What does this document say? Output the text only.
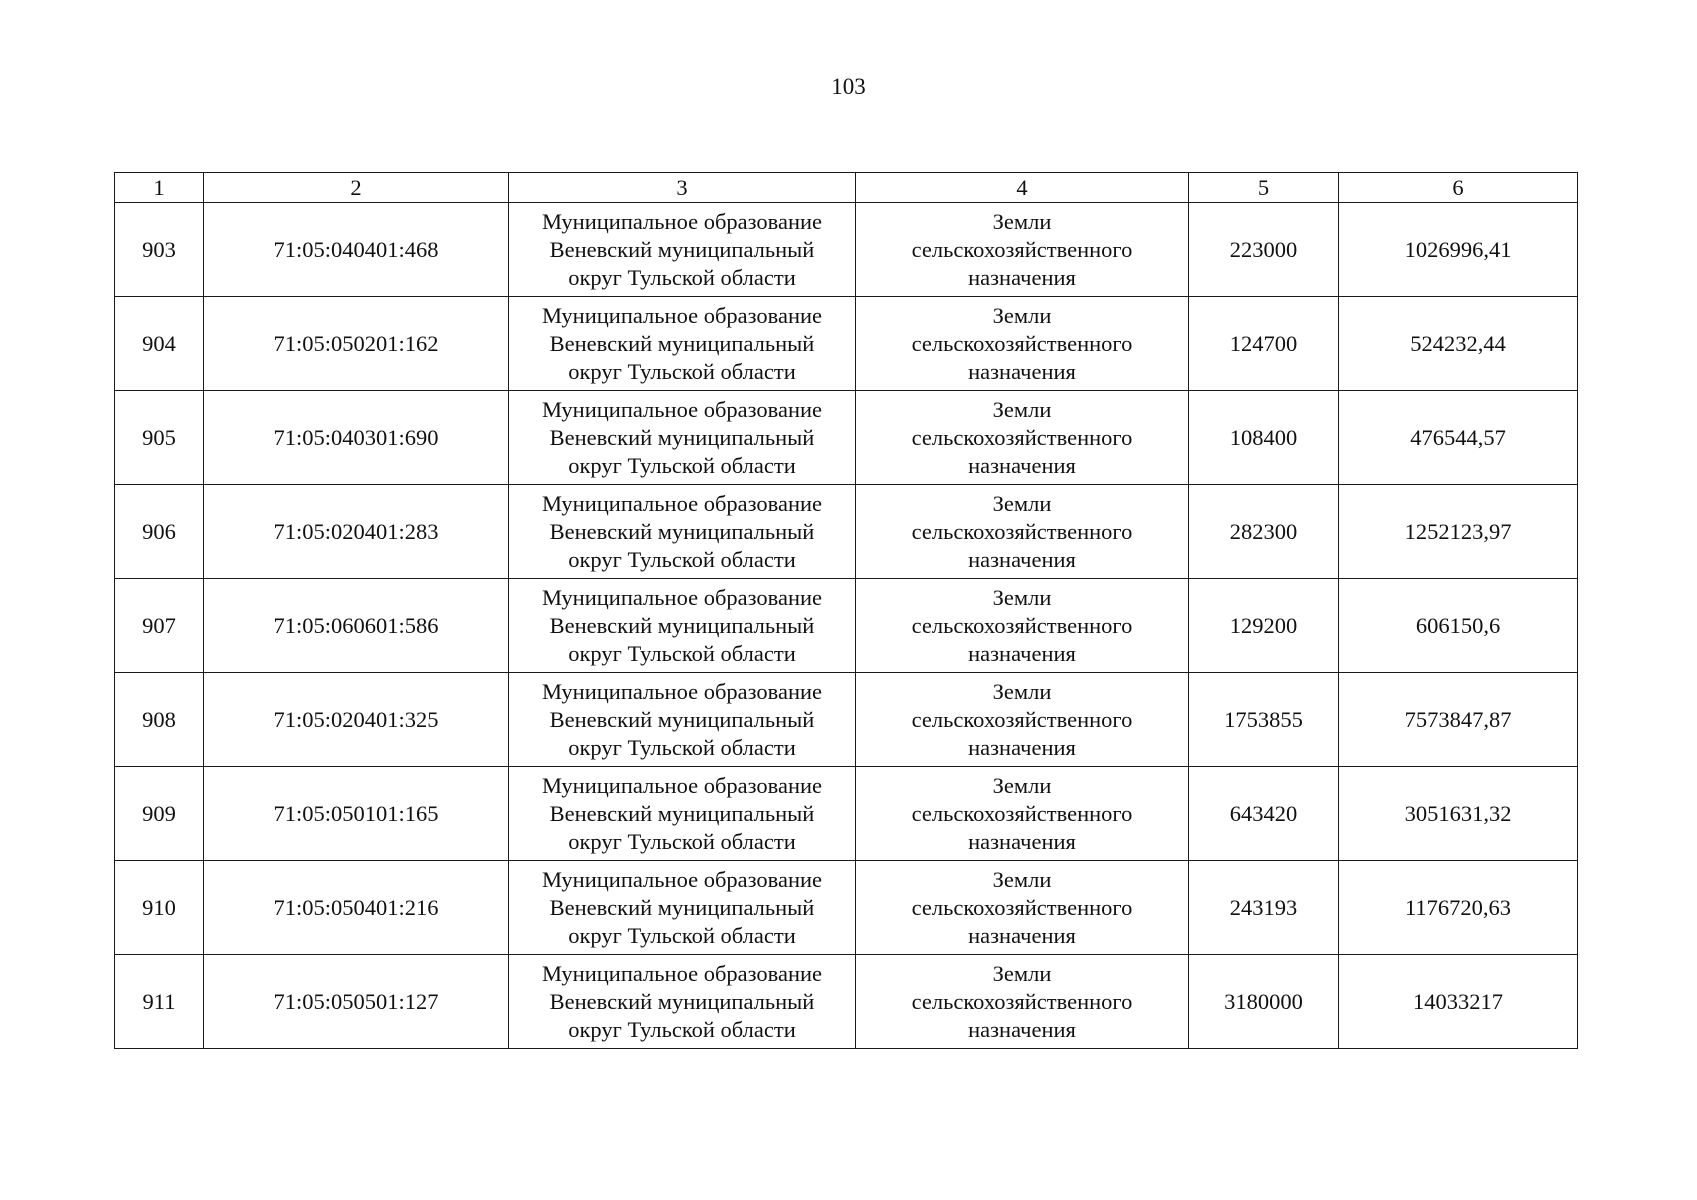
103
1	2	3	4	5	6
903	71:05:040401:468	Муниципальное образование
Веневский муниципальный
округ Тульской области	Земли
сельскохозяйственного
назначения	223000	1026996,41
904	71:05:050201:162	Муниципальное образование
Веневский муниципальный
округ Тульской области	Земли
сельскохозяйственного
назначения	124700	524232,44
905	71:05:040301:690	Муниципальное образование
Веневский муниципальный
округ Тульской области	Земли
сельскохозяйственного
назначения	108400	476544,57
906	71:05:020401:283	Муниципальное образование
Веневский муниципальный
округ Тульской области	Земли
сельскохозяйственного
назначения	282300	1252123,97
907	71:05:060601:586	Муниципальное образование
Веневский муниципальный
округ Тульской области	Земли
сельскохозяйственного
назначения	129200	606150,6
908	71:05:020401:325	Муниципальное образование
Веневский муниципальный
округ Тульской области	Земли
сельскохозяйственного
назначения	1753855	7573847,87
909	71:05:050101:165	Муниципальное образование
Веневский муниципальный
округ Тульской области	Земли
сельскохозяйственного
назначения	643420	3051631,32
910	71:05:050401:216	Муниципальное образование
Веневский муниципальный
округ Тульской области	Земли
сельскохозяйственного
назначения	243193	1176720,63
911	71:05:050501:127	Муниципальное образование
Веневский муниципальный
округ Тульской области	Земли
сельскохозяйственного
назначения	3180000	14033217
